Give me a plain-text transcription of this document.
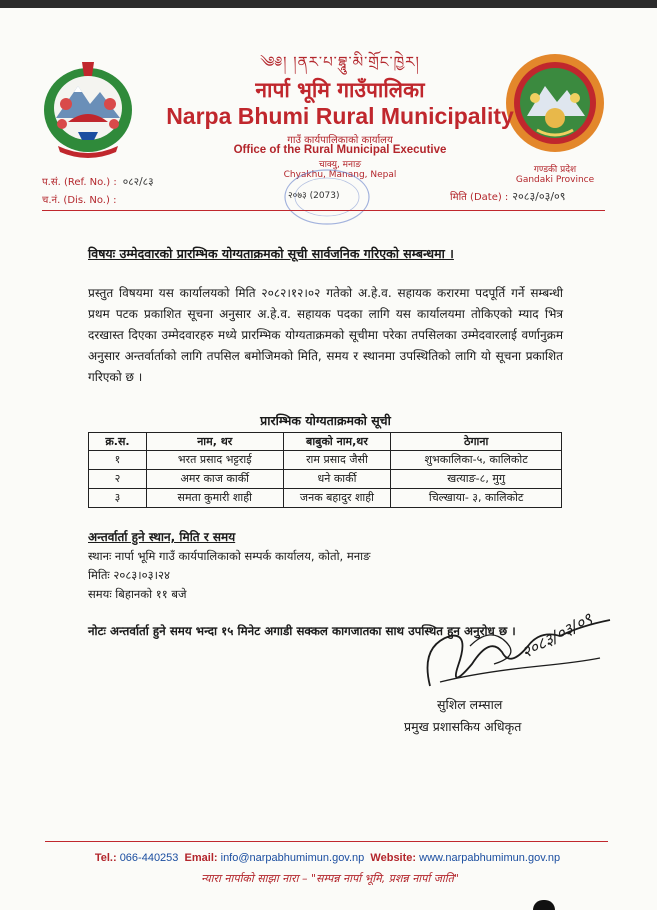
༄༅། །ནར་པ་བྷཱུ་མི་གྲོང་ཁྱེར།
नार्पा भूमि गाउँपालिका
Narpa Bhumi Rural Municipality
गाउँ कार्यपालिकाको कार्यालय
Office of the Rural Municipal Executive
चाक्यु, मनाङ
Chyakhu, Manang, Nepal
२०७३ (2073)
प.सं. (Ref. No.) : ०८२/८३
च.नं. (Dis. No.) :
गण्डकी प्रदेश
Gandaki Province
मिति (Date) : २०८३/०३/०९
विषयः उम्मेदवारको प्रारम्भिक योग्यताक्रमको सूची सार्वजनिक गरिएको सम्बन्धमा ।
प्रस्तुत विषयमा यस कार्यालयको मिति २०८२।१२।०२ गतेको अ.हे.व. सहायक करारमा पदपूर्ति गर्ने सम्बन्धी प्रथम पटक प्रकाशित सूचना अनुसार अ.हे.व. सहायक पदका लागि यस कार्यालयमा तोकिएको म्याद भित्र दरखास्त दिएका उम्मेदवारहरु मध्ये प्रारम्भिक योग्यताक्रमको सूचीमा परेका तपसिलका उम्मेदवारलाई वर्णानुक्रम अनुसार अन्तर्वार्ताको लागि तपसिल बमोजिमको मिति, समय र स्थानमा उपस्थितिको लागि यो सूचना प्रकाशित गरिएको छ ।
प्रारम्भिक योग्यताक्रमको सूची
क्र.स.	नाम, थर	बाबुको नाम,थर	ठेगाना
१	भरत प्रसाद भट्टराई	राम प्रसाद जैसी	शुभकालिका-५, कालिकोट
२	अमर काज कार्की	धने कार्की	खत्याङ-८, मुगु
३	समता कुमारी शाही	जनक बहादुर शाही	चिल्खाया- ३, कालिकोट
अन्तर्वार्ता हुने स्थान, मिति र समय
स्थानः नार्पा भूमि गाउँ कार्यपालिकाको सम्पर्क कार्यालय, कोतो, मनाङ
मितिः २०८३।०३।२४
समयः बिहानको ११ बजे
नोटः अन्तर्वार्ता हुने समय भन्दा १५ मिनेट अगाडी सक्कल कागजातका साथ उपस्थित हुन अनुरोध छ । २०८३/०३/०९
सुशिल लम्साल
प्रमुख प्रशासकिय अधिकृत
Tel.: 066-440253 Email: info@narpabhumimun.gov.np Website: www.narpabhumimun.gov.np
न्यारा नार्पाको साझा नारा – "सम्पन्न नार्पा भूमि, प्रशन्न नार्पा जाति"
